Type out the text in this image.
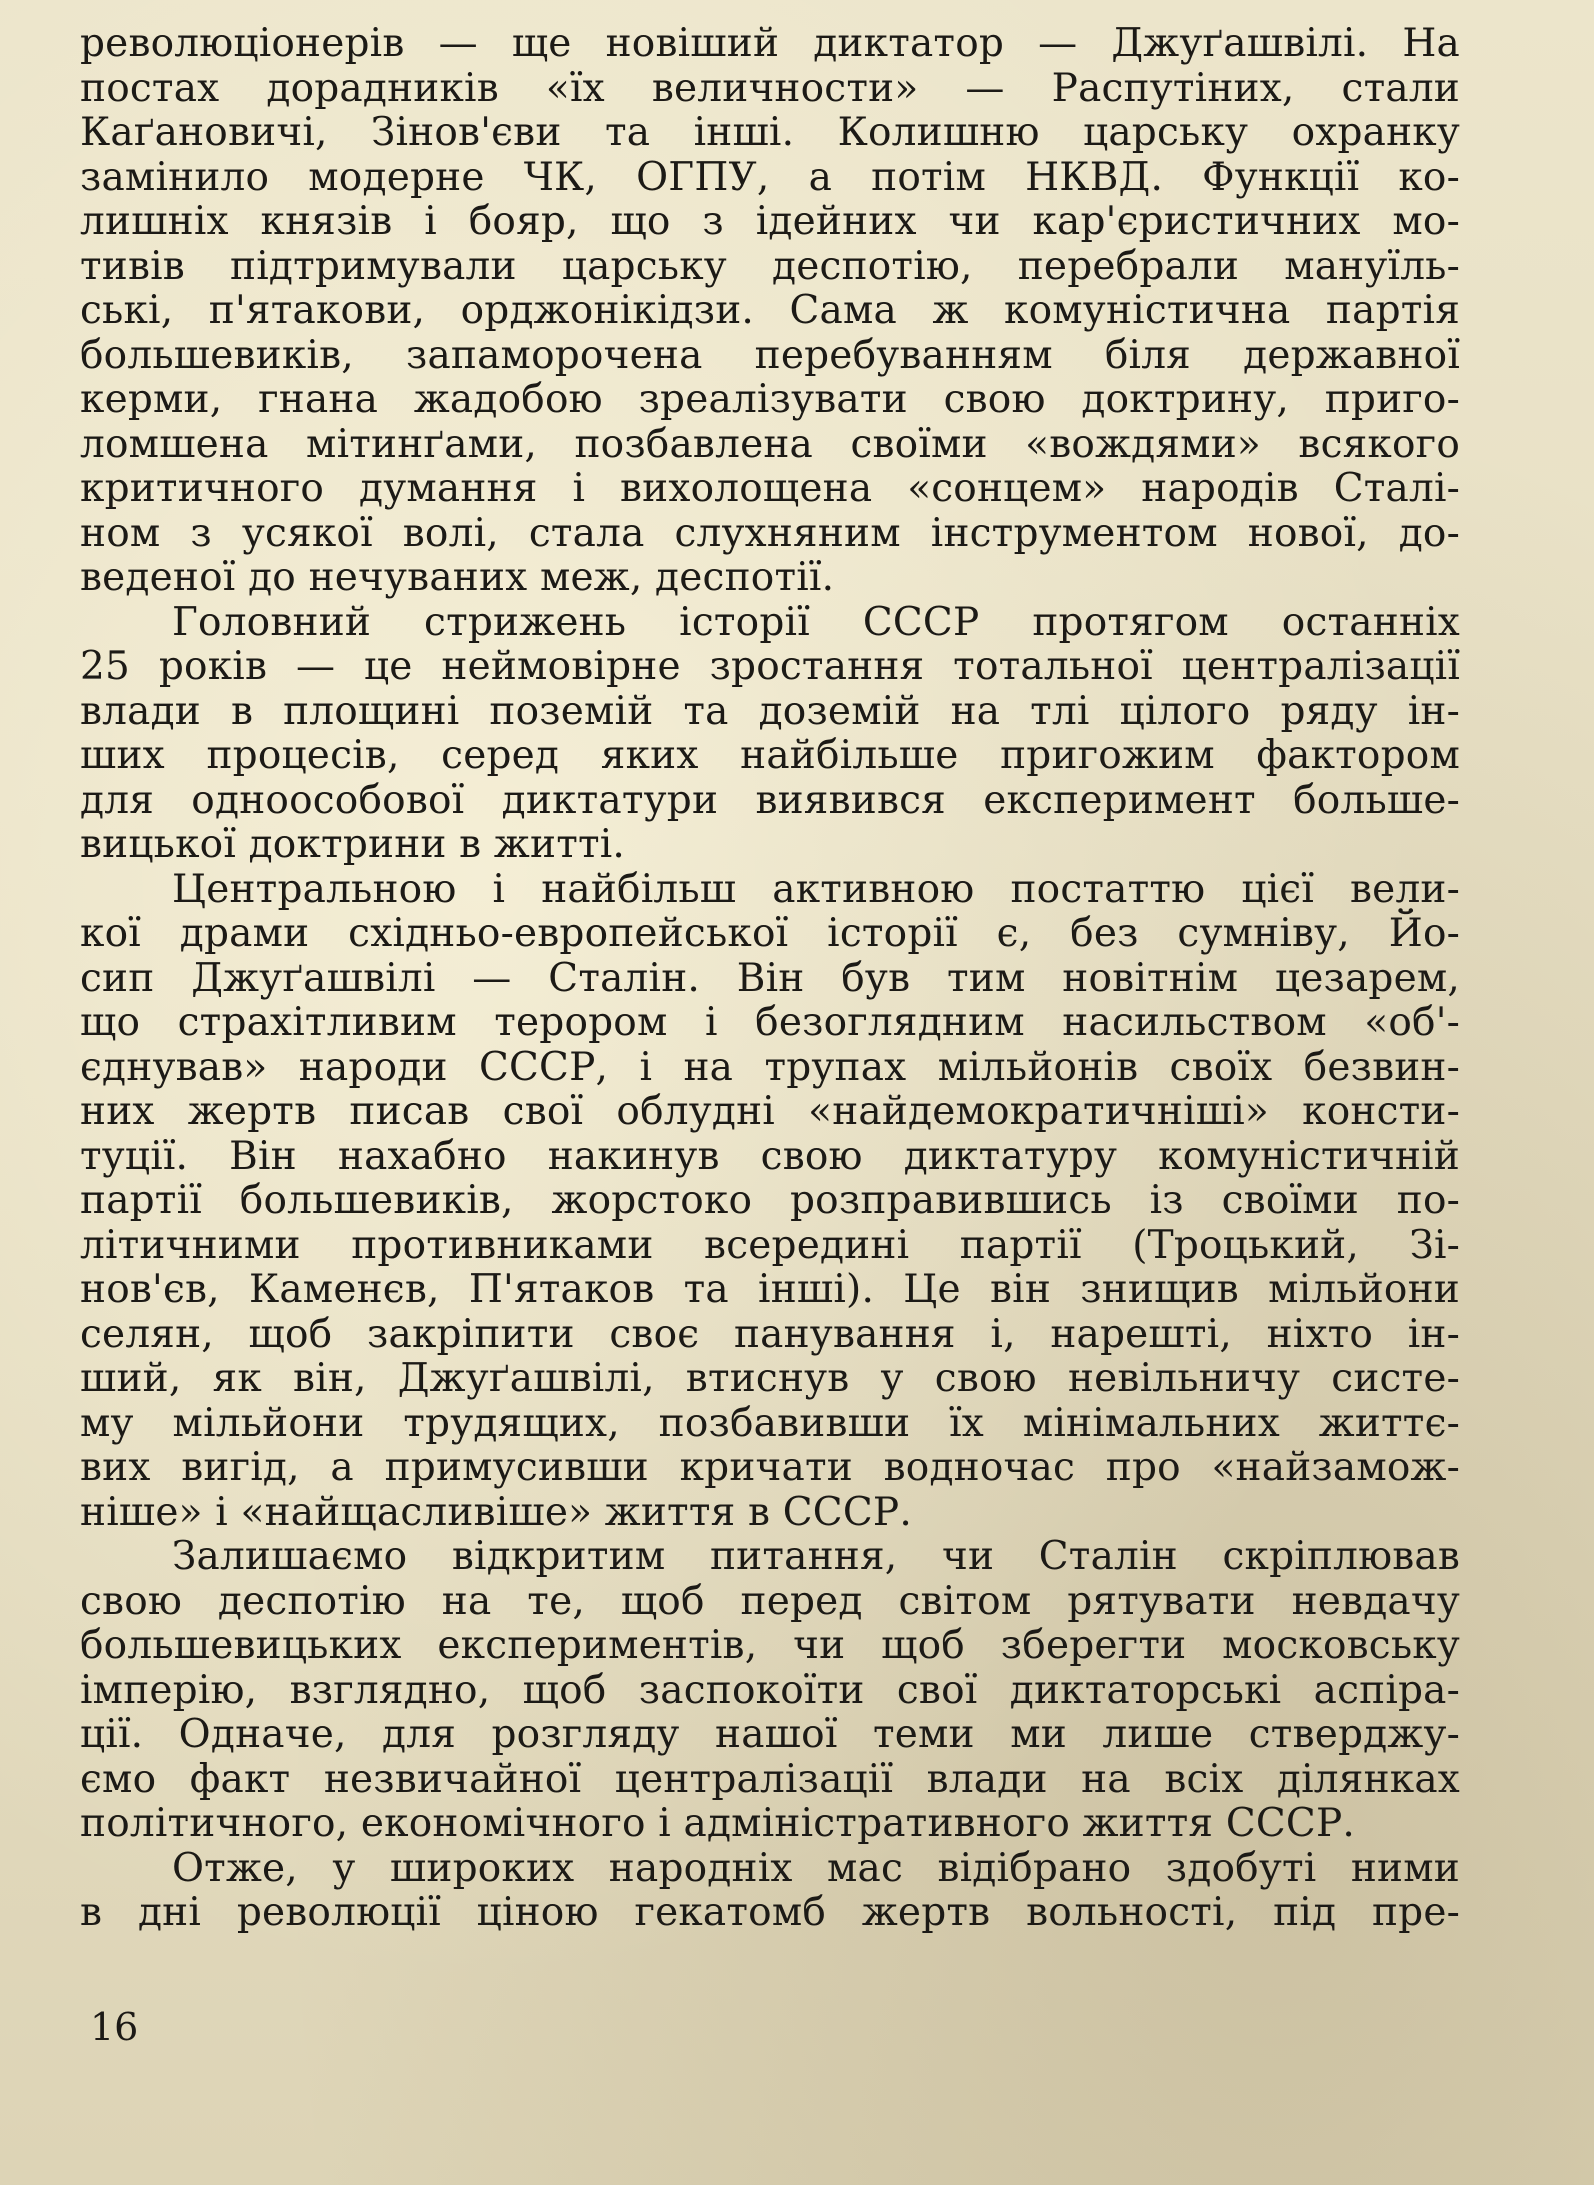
революціонерів — ще новіший диктатор — Джуґашвілі. На
постах дорадників «їх величности» — Распутіних, стали
Каґановичі, Зінов'єви та інші. Колишню царську охранку
замінило модерне ЧК, ОГПУ, а потім НКВД. Функції ко-
лишніх князів і бояр, що з ідейних чи кар'єристичних мо-
тивів підтримували царську деспотію, перебрали мануїль-
ські, п'ятакови, орджонікідзи. Сама ж комуністична партія
большевиків, запаморочена перебуванням біля державної
керми, гнана жадобою зреалізувати свою доктрину, приго-
ломшена мітинґами, позбавлена своїми «вождями» всякого
критичного думання і вихолощена «сонцем» народів Сталі-
ном з усякої волі, стала слухняним інструментом нової, до-
веденої до нечуваних меж, деспотії.
Головний стрижень історії СССР протягом останніх
25 років — це неймовірне зростання тотальної централізації
влади в площині поземій та доземій на тлі цілого ряду ін-
ших процесів, серед яких найбільше пригожим фактором
для одноособової диктатури виявився експеримент больше-
вицької доктрини в житті.
Центральною і найбільш активною постаттю цієї вели-
кої драми східньо-европейської історії є, без сумніву, Йо-
сип Джуґашвілі — Сталін. Він був тим новітнім цезарем,
що страхітливим терором і безоглядним насильством «об'-
єднував» народи СССР, і на трупах мільйонів своїх безвин-
них жертв писав свої облудні «найдемократичніші» консти-
туції. Він нахабно накинув свою диктатуру комуністичній
партії большевиків, жорстоко розправившись із своїми по-
літичними противниками всередині партії (Троцький, Зі-
нов'єв, Каменєв, П'ятаков та інші). Це він знищив мільйони
селян, щоб закріпити своє панування і, нарешті, ніхто ін-
ший, як він, Джуґашвілі, втиснув у свою невільничу систе-
му мільйони трудящих, позбавивши їх мінімальних життє-
вих вигід, а примусивши кричати водночас про «найзамож-
ніше» і «найщасливіше» життя в СССР.
Залишаємо відкритим питання, чи Сталін скріплював
свою деспотію на те, щоб перед світом рятувати невдачу
большевицьких експериментів, чи щоб зберегти московську
імперію, взглядно, щоб заспокоїти свої диктаторські аспіра-
ції. Одначе, для розгляду нашої теми ми лише стверджу-
ємо факт незвичайної централізації влади на всіх ділянках
політичного, економічного і адміністративного життя СССР.
Отже, у широких народніх мас відібрано здобуті ними
в дні революції ціною гекатомб жертв вольності, під пре-
16
